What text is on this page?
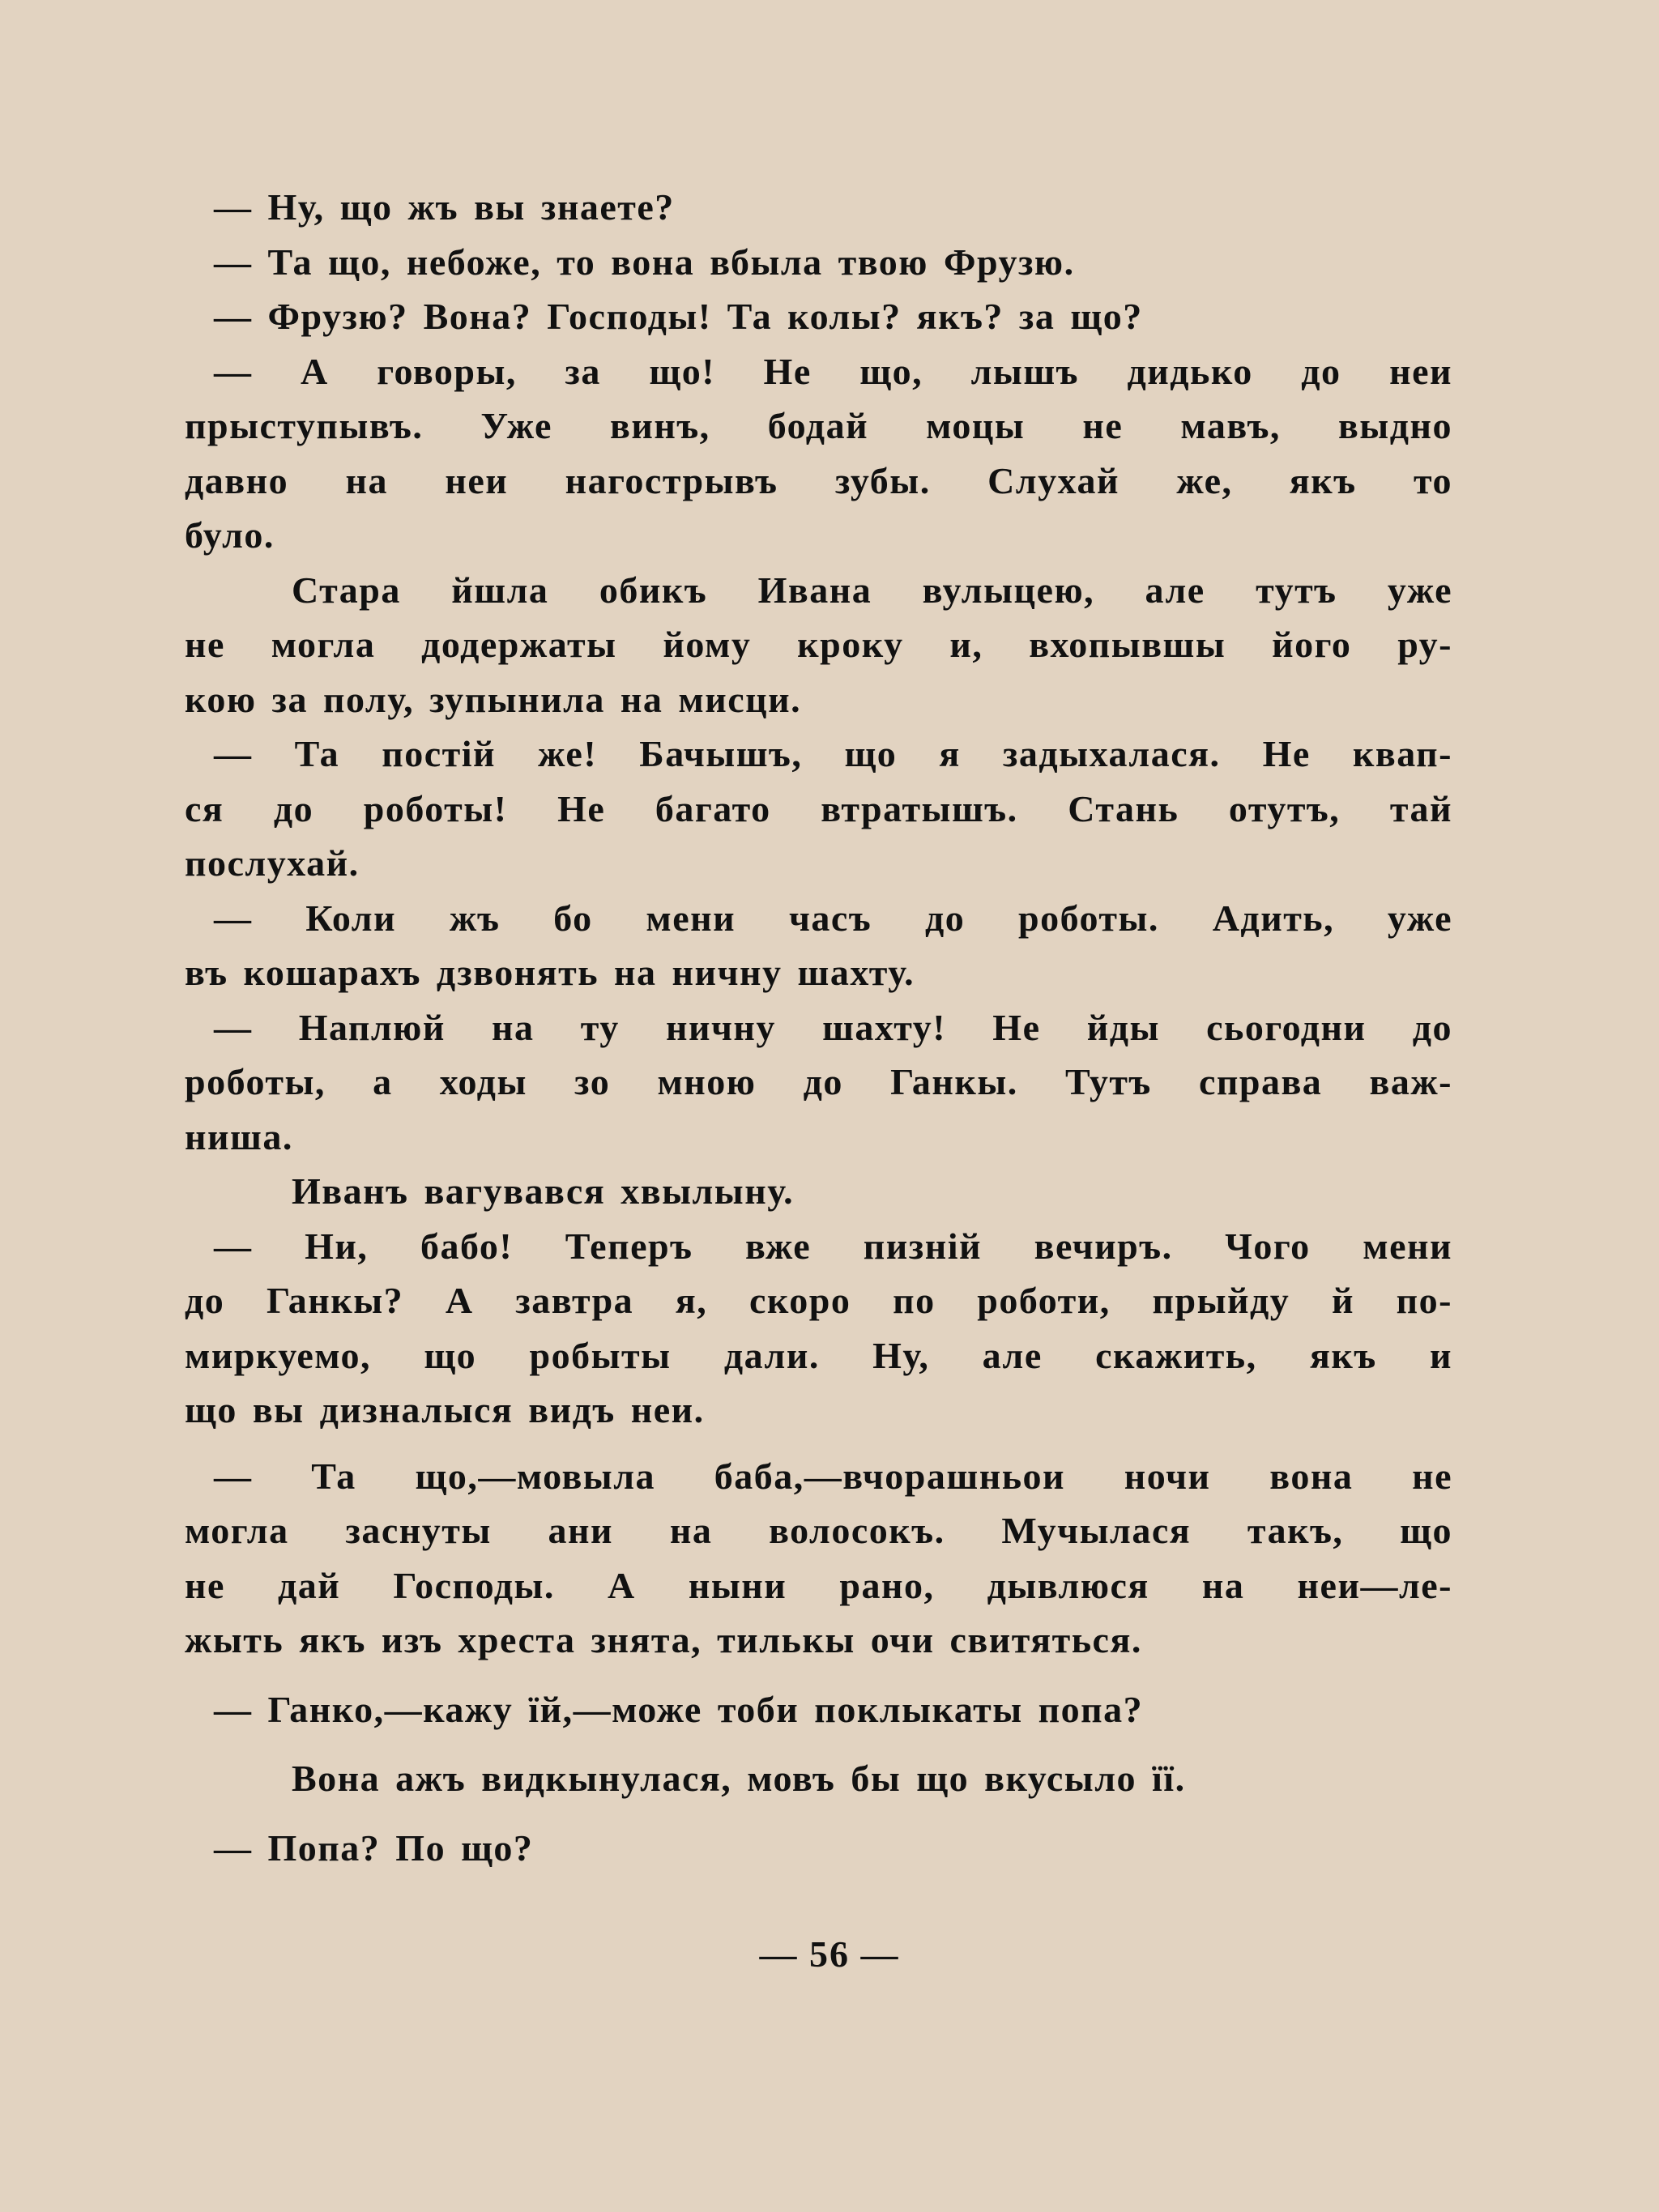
— Ну, що жъ вы знаете?

— Та що, небоже, то вона вбыла твою Фрузю.

— Фрузю? Вона? Господы! Та колы? якъ? за що?

— А говоры, за що! Не що, лышъ дидько до неи

прыступывъ. Уже винъ, бодай моцы не мавъ, выдно

давно на неи нагострывъ зубы. Слухай же, якъ то

було.

Стара йшла обикъ Ивана вулыцею, але тутъ уже

не могла додержаты йому кроку и, вхопывшы його ру-

кою за полу, зупынила на мисци.

— Та постій же! Бачышъ, що я задыхалася. Не квап-

ся до роботы! Не багато втратышъ. Стань отутъ, тай

послухай.

— Коли жъ бо мени часъ до роботы. Адить, уже

въ кошарахъ дзвонять на ничну шахту.

— Наплюй на ту ничну шахту! Не йды сьогодни до

роботы, а ходы зо мною до Ганкы. Тутъ справа важ-

ниша.

Иванъ вагувався хвылыну.

— Ни, бабо! Теперъ вже пизній вечиръ. Чого мени

до Ганкы? А завтра я, скоро по роботи, прыйду й по-

миркуемо, що робыты дали. Ну, але скажить, якъ и

що вы дизналыся видъ неи.

— Та що,—мовыла баба,—вчорашньои ночи вона не

могла заснуты ани на волосокъ. Мучылася такъ, що

не дай Господы. А ныни рано, дывлюся на неи—ле-

жыть якъ изъ хреста знята, тилькы очи свитяться.

— Ганко,—кажу їй,—може тоби поклыкаты попа?

Вона ажъ видкынулася, мовъ бы що вкусыло її.

— Попа? По що?

— 56 —
